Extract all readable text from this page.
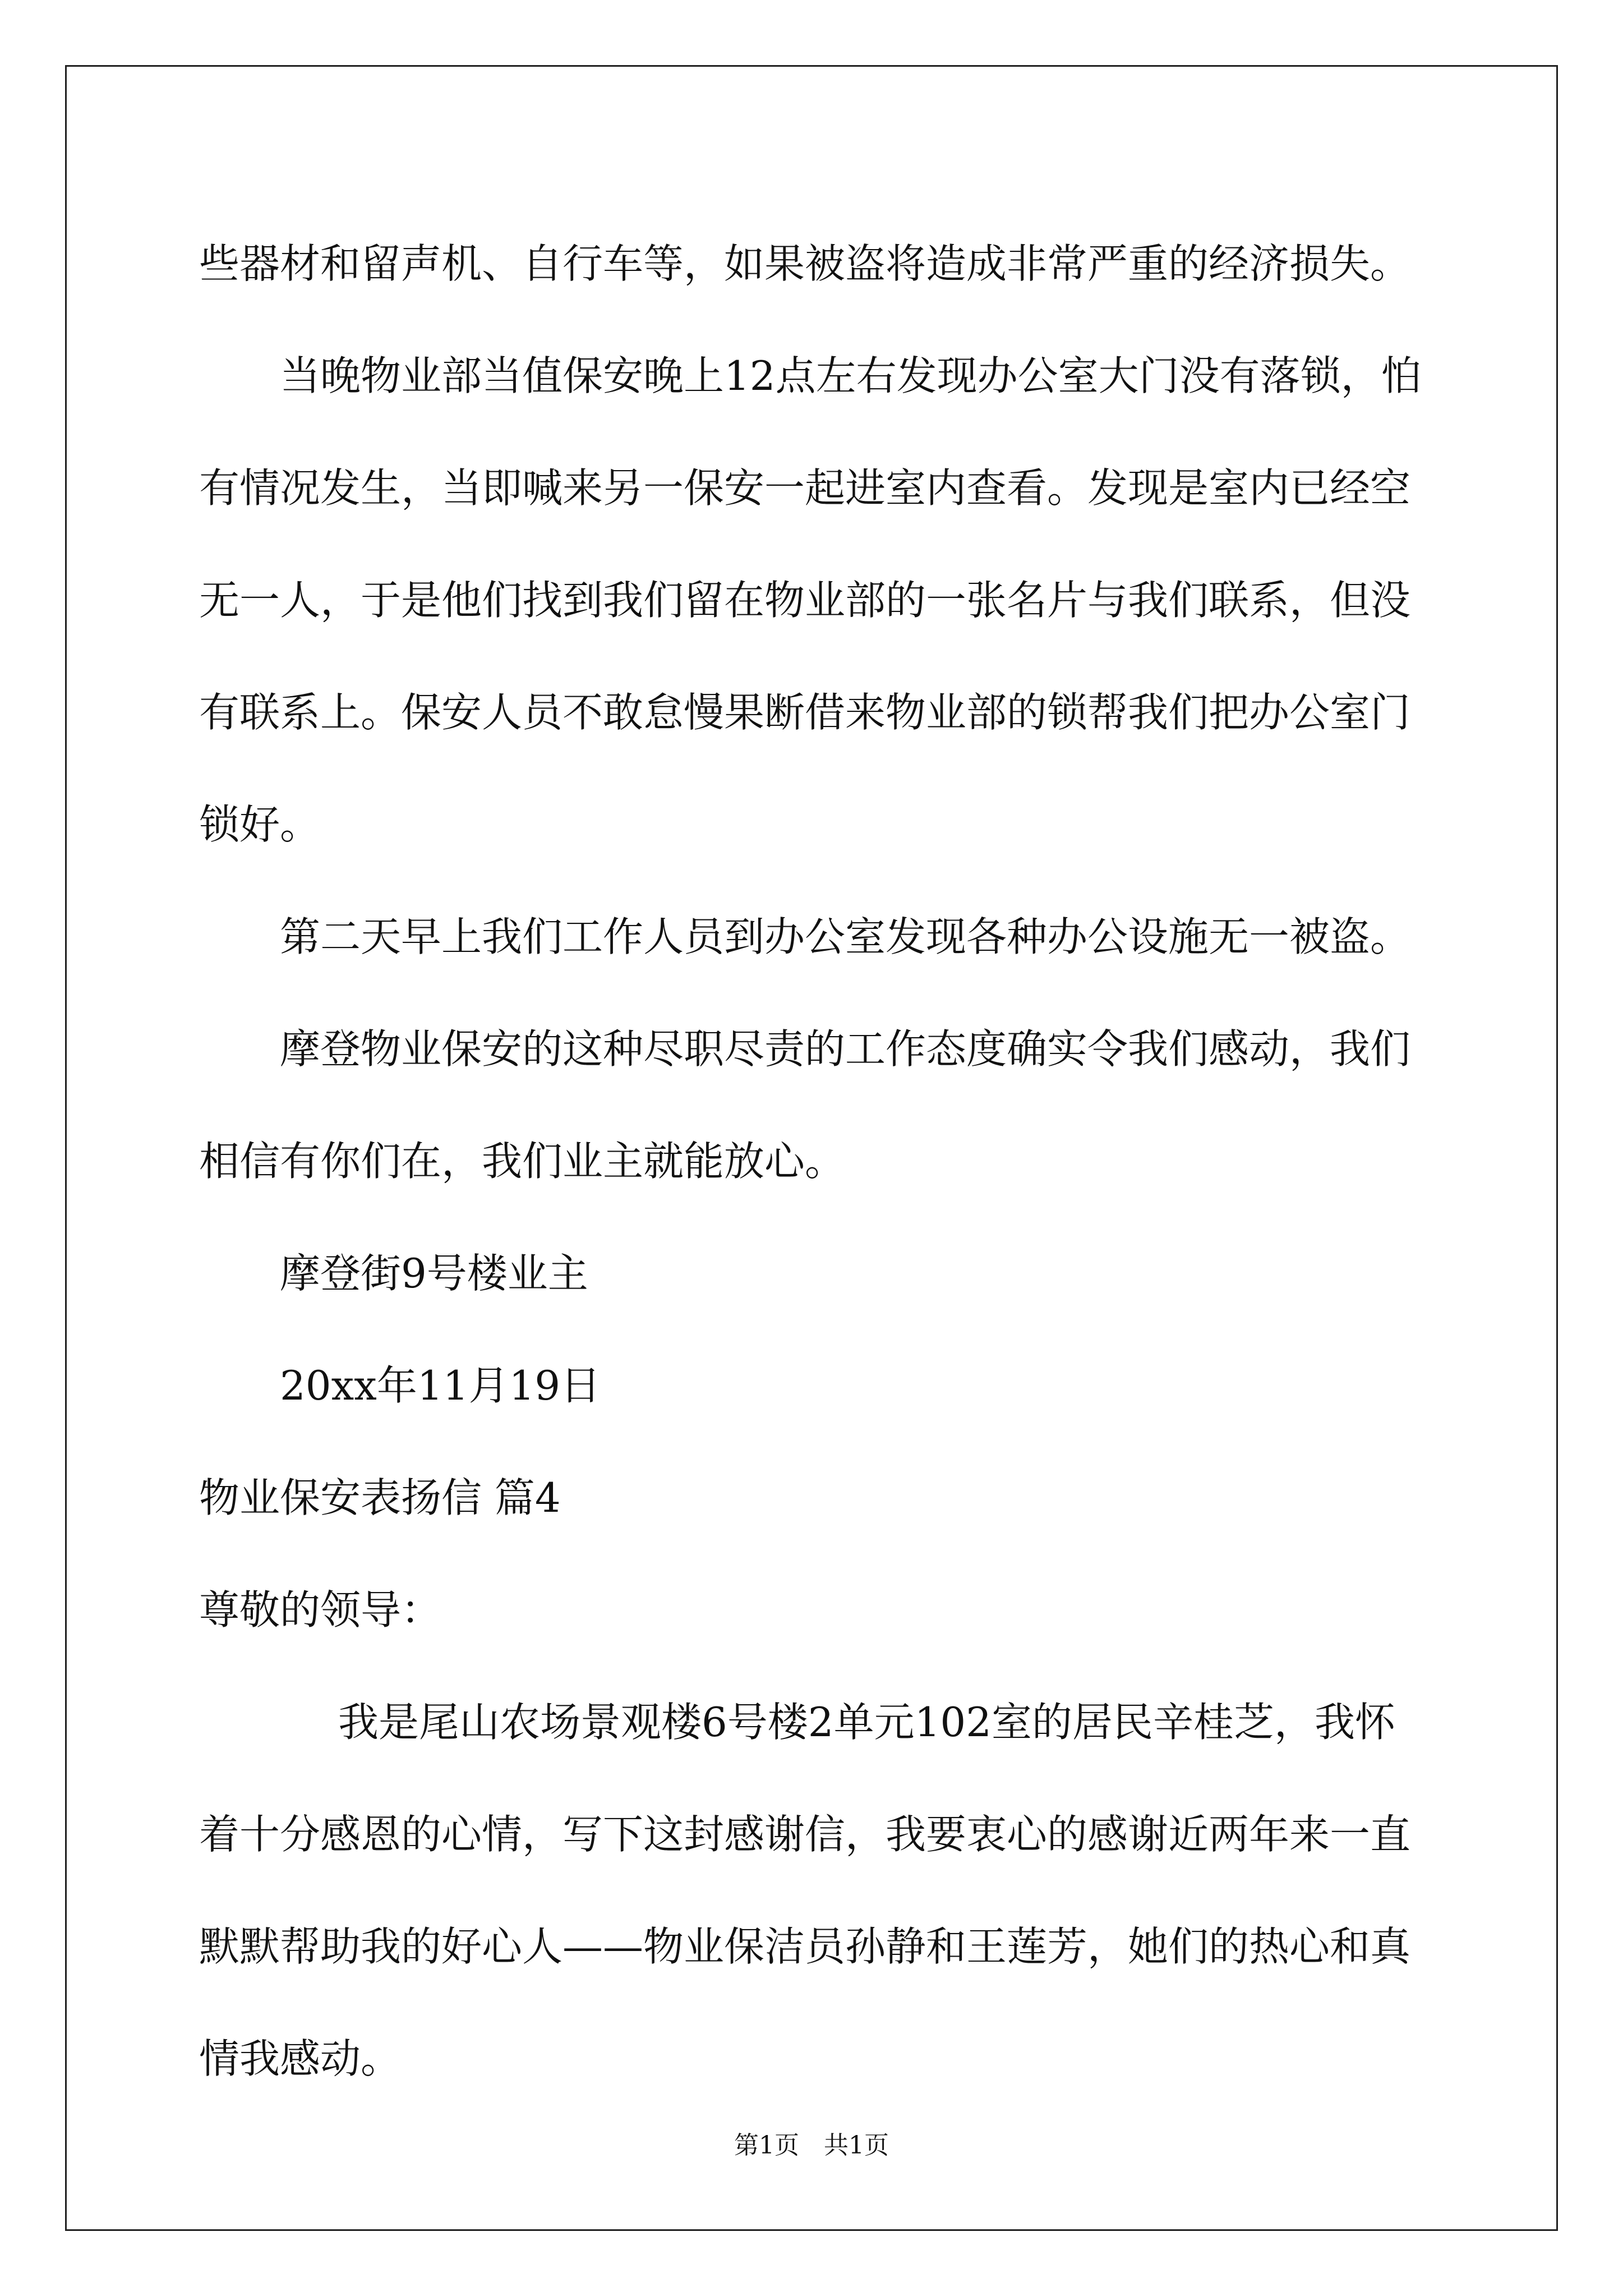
些器材和留声机、自行车等，如果被盗将造成非常严重的经济损失。

当晚物业部当值保安晚上12点左右发现办公室大门没有落锁，怕有情况发生，当即喊来另一保安一起进室内查看。发现是室内已经空无一人，于是他们找到我们留在物业部的一张名片与我们联系，但没有联系上。保安人员不敢怠慢果断借来物业部的锁帮我们把办公室门锁好。

第二天早上我们工作人员到办公室发现各种办公设施无一被盗。

摩登物业保安的这种尽职尽责的工作态度确实令我们感动，我们相信有你们在，我们业主就能放心。

摩登街9号楼业主

20xx年11月19日

物业保安表扬信 篇4

尊敬的领导：

我是尾山农场景观楼6号楼2单元102室的居民辛桂芝，我怀着十分感恩的心情，写下这封感谢信，我要衷心的感谢近两年来一直默默帮助我的好心人——物业保洁员孙静和王莲芳，她们的热心和真情我感动。

第1页 共1页
